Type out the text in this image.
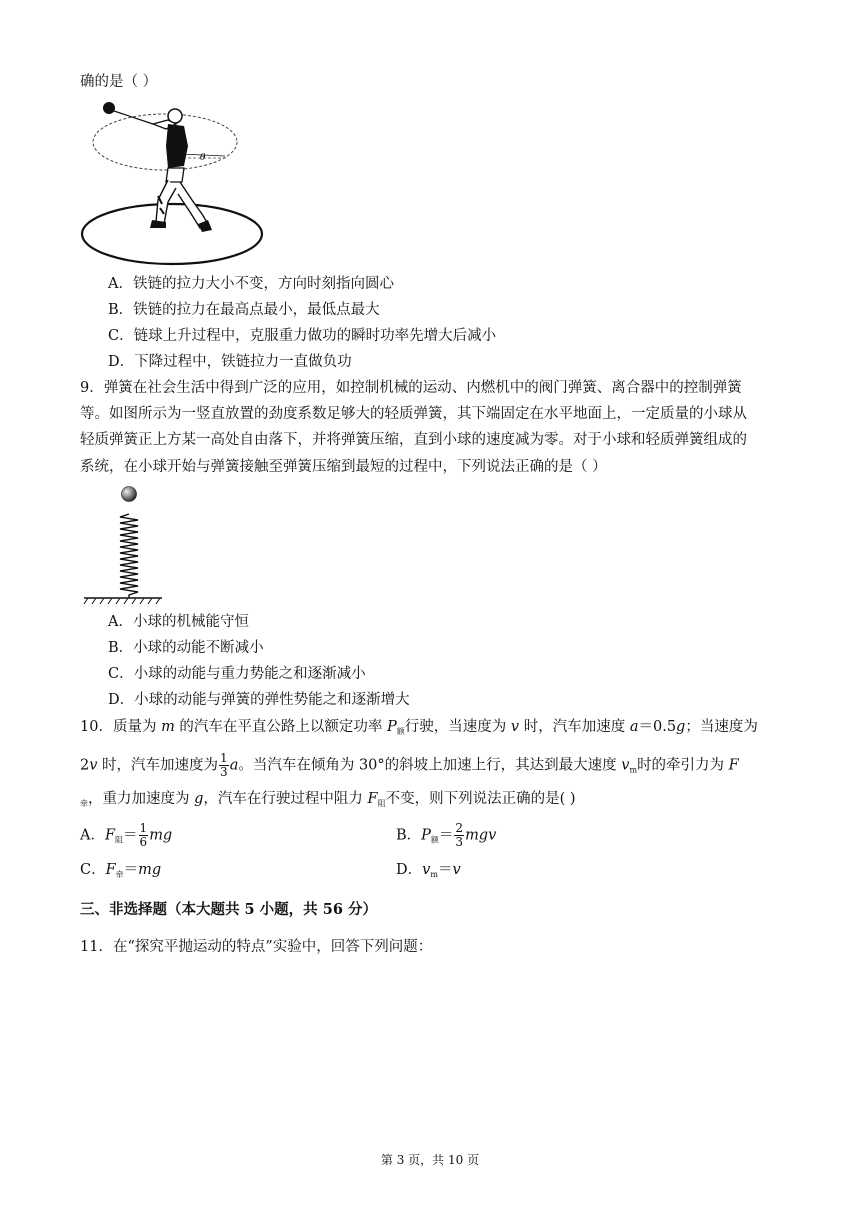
确的是（ ）
θ
A．铁链的拉力大小不变，方向时刻指向圆心
B．铁链的拉力在最高点最小，最低点最大
C．链球上升过程中，克服重力做功的瞬时功率先增大后减小
D．下降过程中，铁链拉力一直做负功
9．弹簧在社会生活中得到广泛的应用，如控制机械的运动、内燃机中的阀门弹簧、离合器中的控制弹簧
等。如图所示为一竖直放置的劲度系数足够大的轻质弹簧，其下端固定在水平地面上，一定质量的小球从
轻质弹簧正上方某一高处自由落下，并将弹簧压缩，直到小球的速度减为零。对于小球和轻质弹簧组成的
系统，在小球开始与弹簧接触至弹簧压缩到最短的过程中，下列说法正确的是（ ）
A．小球的机械能守恒
B．小球的动能不断减小
C．小球的动能与重力势能之和逐渐减小
D．小球的动能与弹簧的弹性势能之和逐渐增大
10．质量为 m 的汽车在平直公路上以额定功率 $P_额$行驶，当速度为 v 时，汽车加速度 a＝0.5g；当速度为
2v 时，汽车加速度为 $\frac{1}{3}$ a。当汽车在倾角为 30°的斜坡上加速上行，其达到最大速度 $v_m$时的牵引力为 F
$_牵$，重力加速度为 g，汽车在行驶过程中阻力 $F_阻$不变，则下列说法正确的是( )
A．$F_阻= \frac{1}{6}$ mg	B．$P_额= \frac{2}{3}$ mgv
C．$F_牵=mg$	D．$v_m=v$
三、非选择题（本大题共 5 小题，共 56 分）
11．在“探究平抛运动的特点”实验中，回答下列问题：
第 3 页，共 10 页
